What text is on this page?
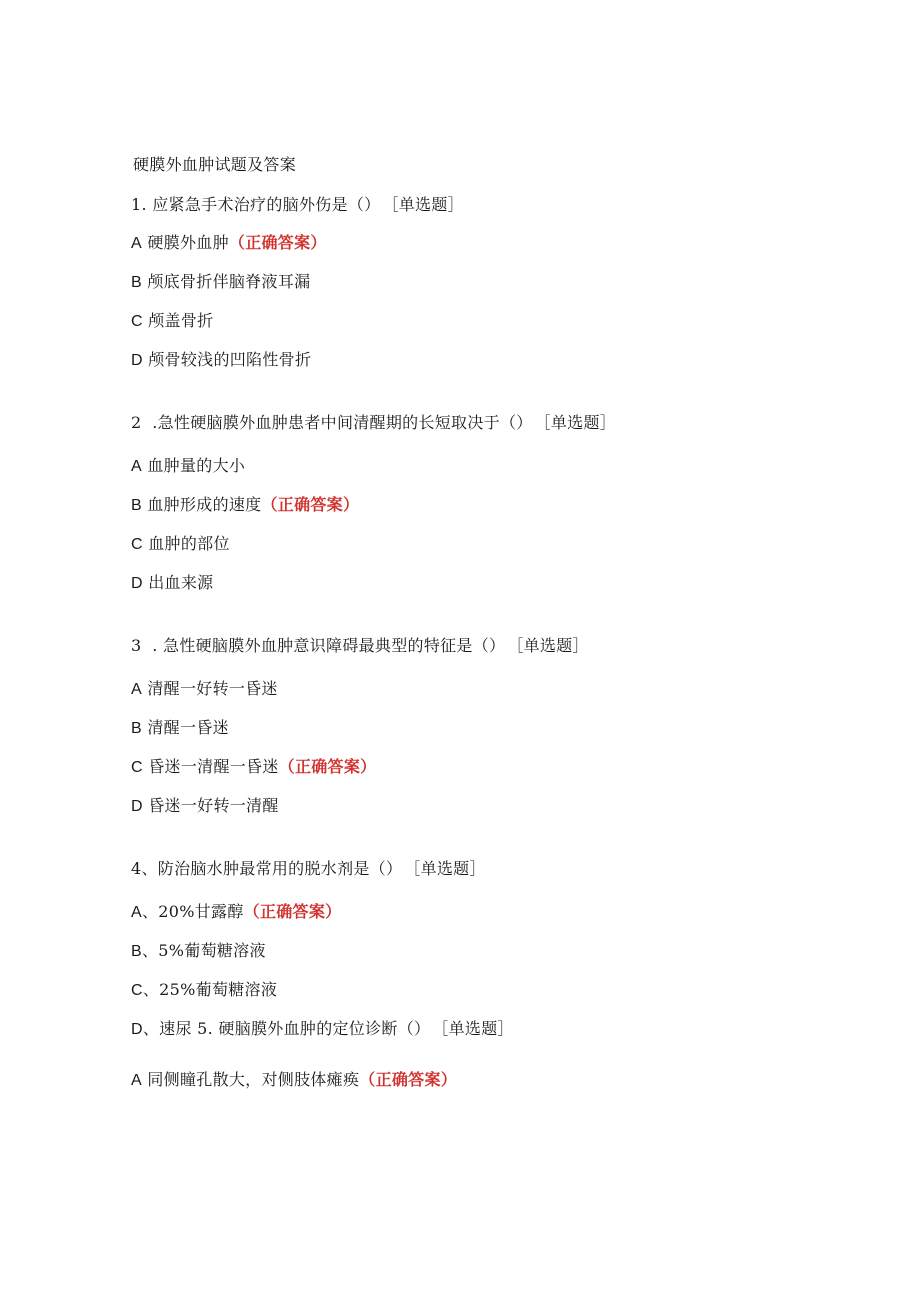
硬膜外血肿试题及答案
1. 应紧急手术治疗的脑外伤是（） ［单选题］
A 硬膜外血肿（正确答案）
B 颅底骨折伴脑脊液耳漏
C 颅盖骨折
D 颅骨较浅的凹陷性骨折
2  .急性硬脑膜外血肿患者中间清醒期的长短取决于（） ［单选题］
A 血肿量的大小
B 血肿形成的速度（正确答案）
C 血肿的部位
D 出血来源
3  . 急性硬脑膜外血肿意识障碍最典型的特征是（） ［单选题］
A 清醒一好转一昏迷
B 清醒一昏迷
C 昏迷一清醒一昏迷（正确答案）
D 昏迷一好转一清醒
4、防治脑水肿最常用的脱水剂是（） ［单选题］
A、20%甘露醇（正确答案）
B、5%葡萄糖溶液
C、25%葡萄糖溶液
D、速尿 5. 硬脑膜外血肿的定位诊断（） ［单选题］
A 同侧瞳孔散大，对侧肢体瘫痪（正确答案）
